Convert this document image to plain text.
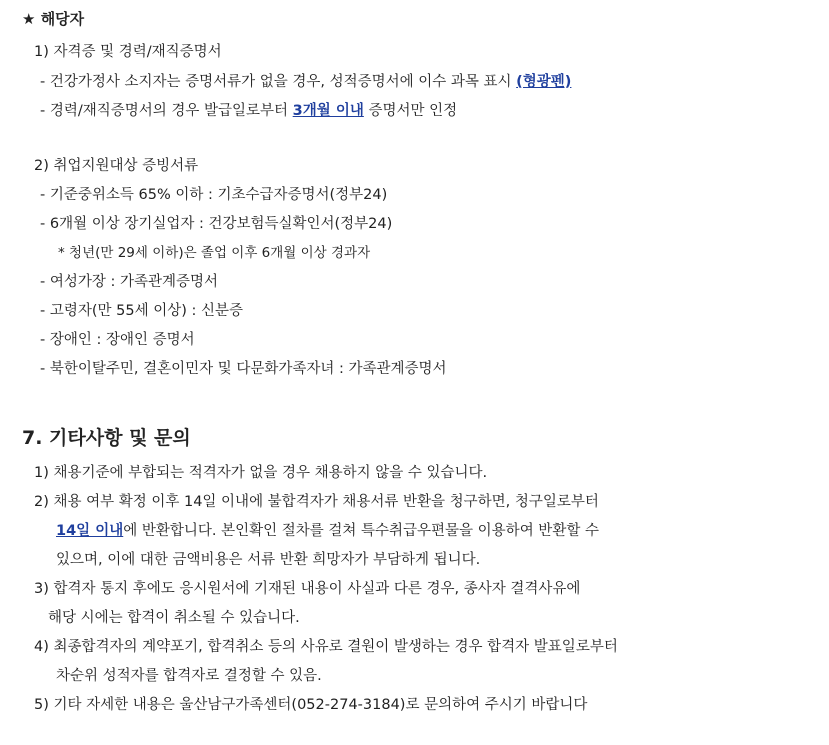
★ 해당자
1) 자격증 및 경력/재직증명서
- 건강가정사 소지자는 증명서류가 없을 경우, 성적증명서에 이수 과목 표시 (형광펜)
- 경력/재직증명서의 경우 발급일로부터 3개월 이내 증명서만 인정
2) 취업지원대상 증빙서류
- 기준중위소득 65% 이하 : 기초수급자증명서(정부24)
- 6개월 이상 장기실업자 : 건강보험득실확인서(정부24)
* 청년(만 29세 이하)은 졸업 이후 6개월 이상 경과자
- 여성가장 : 가족관계증명서
- 고령자(만 55세 이상) : 신분증
- 장애인 : 장애인 증명서
- 북한이탈주민, 결혼이민자 및 다문화가족자녀 : 가족관계증명서
7. 기타사항 및 문의
1) 채용기준에 부합되는 적격자가 없을 경우 채용하지 않을 수 있습니다.
2) 채용 여부 확정 이후 14일 이내에 불합격자가 채용서류 반환을 청구하면, 청구일로부터
14일 이내에 반환합니다. 본인확인 절차를 걸쳐 특수취급우편물을 이용하여 반환할 수
있으며, 이에 대한 금액비용은 서류 반환 희망자가 부담하게 됩니다.
3) 합격자 통지 후에도 응시원서에 기재된 내용이 사실과 다른 경우, 종사자 결격사유에
해당 시에는 합격이 취소될 수 있습니다.
4) 최종합격자의 계약포기, 합격취소 등의 사유로 결원이 발생하는 경우 합격자 발표일로부터
차순위 성적자를 합격자로 결정할 수 있음.
5) 기타 자세한 내용은 울산남구가족센터(052-274-3184)로 문의하여 주시기 바랍니다
